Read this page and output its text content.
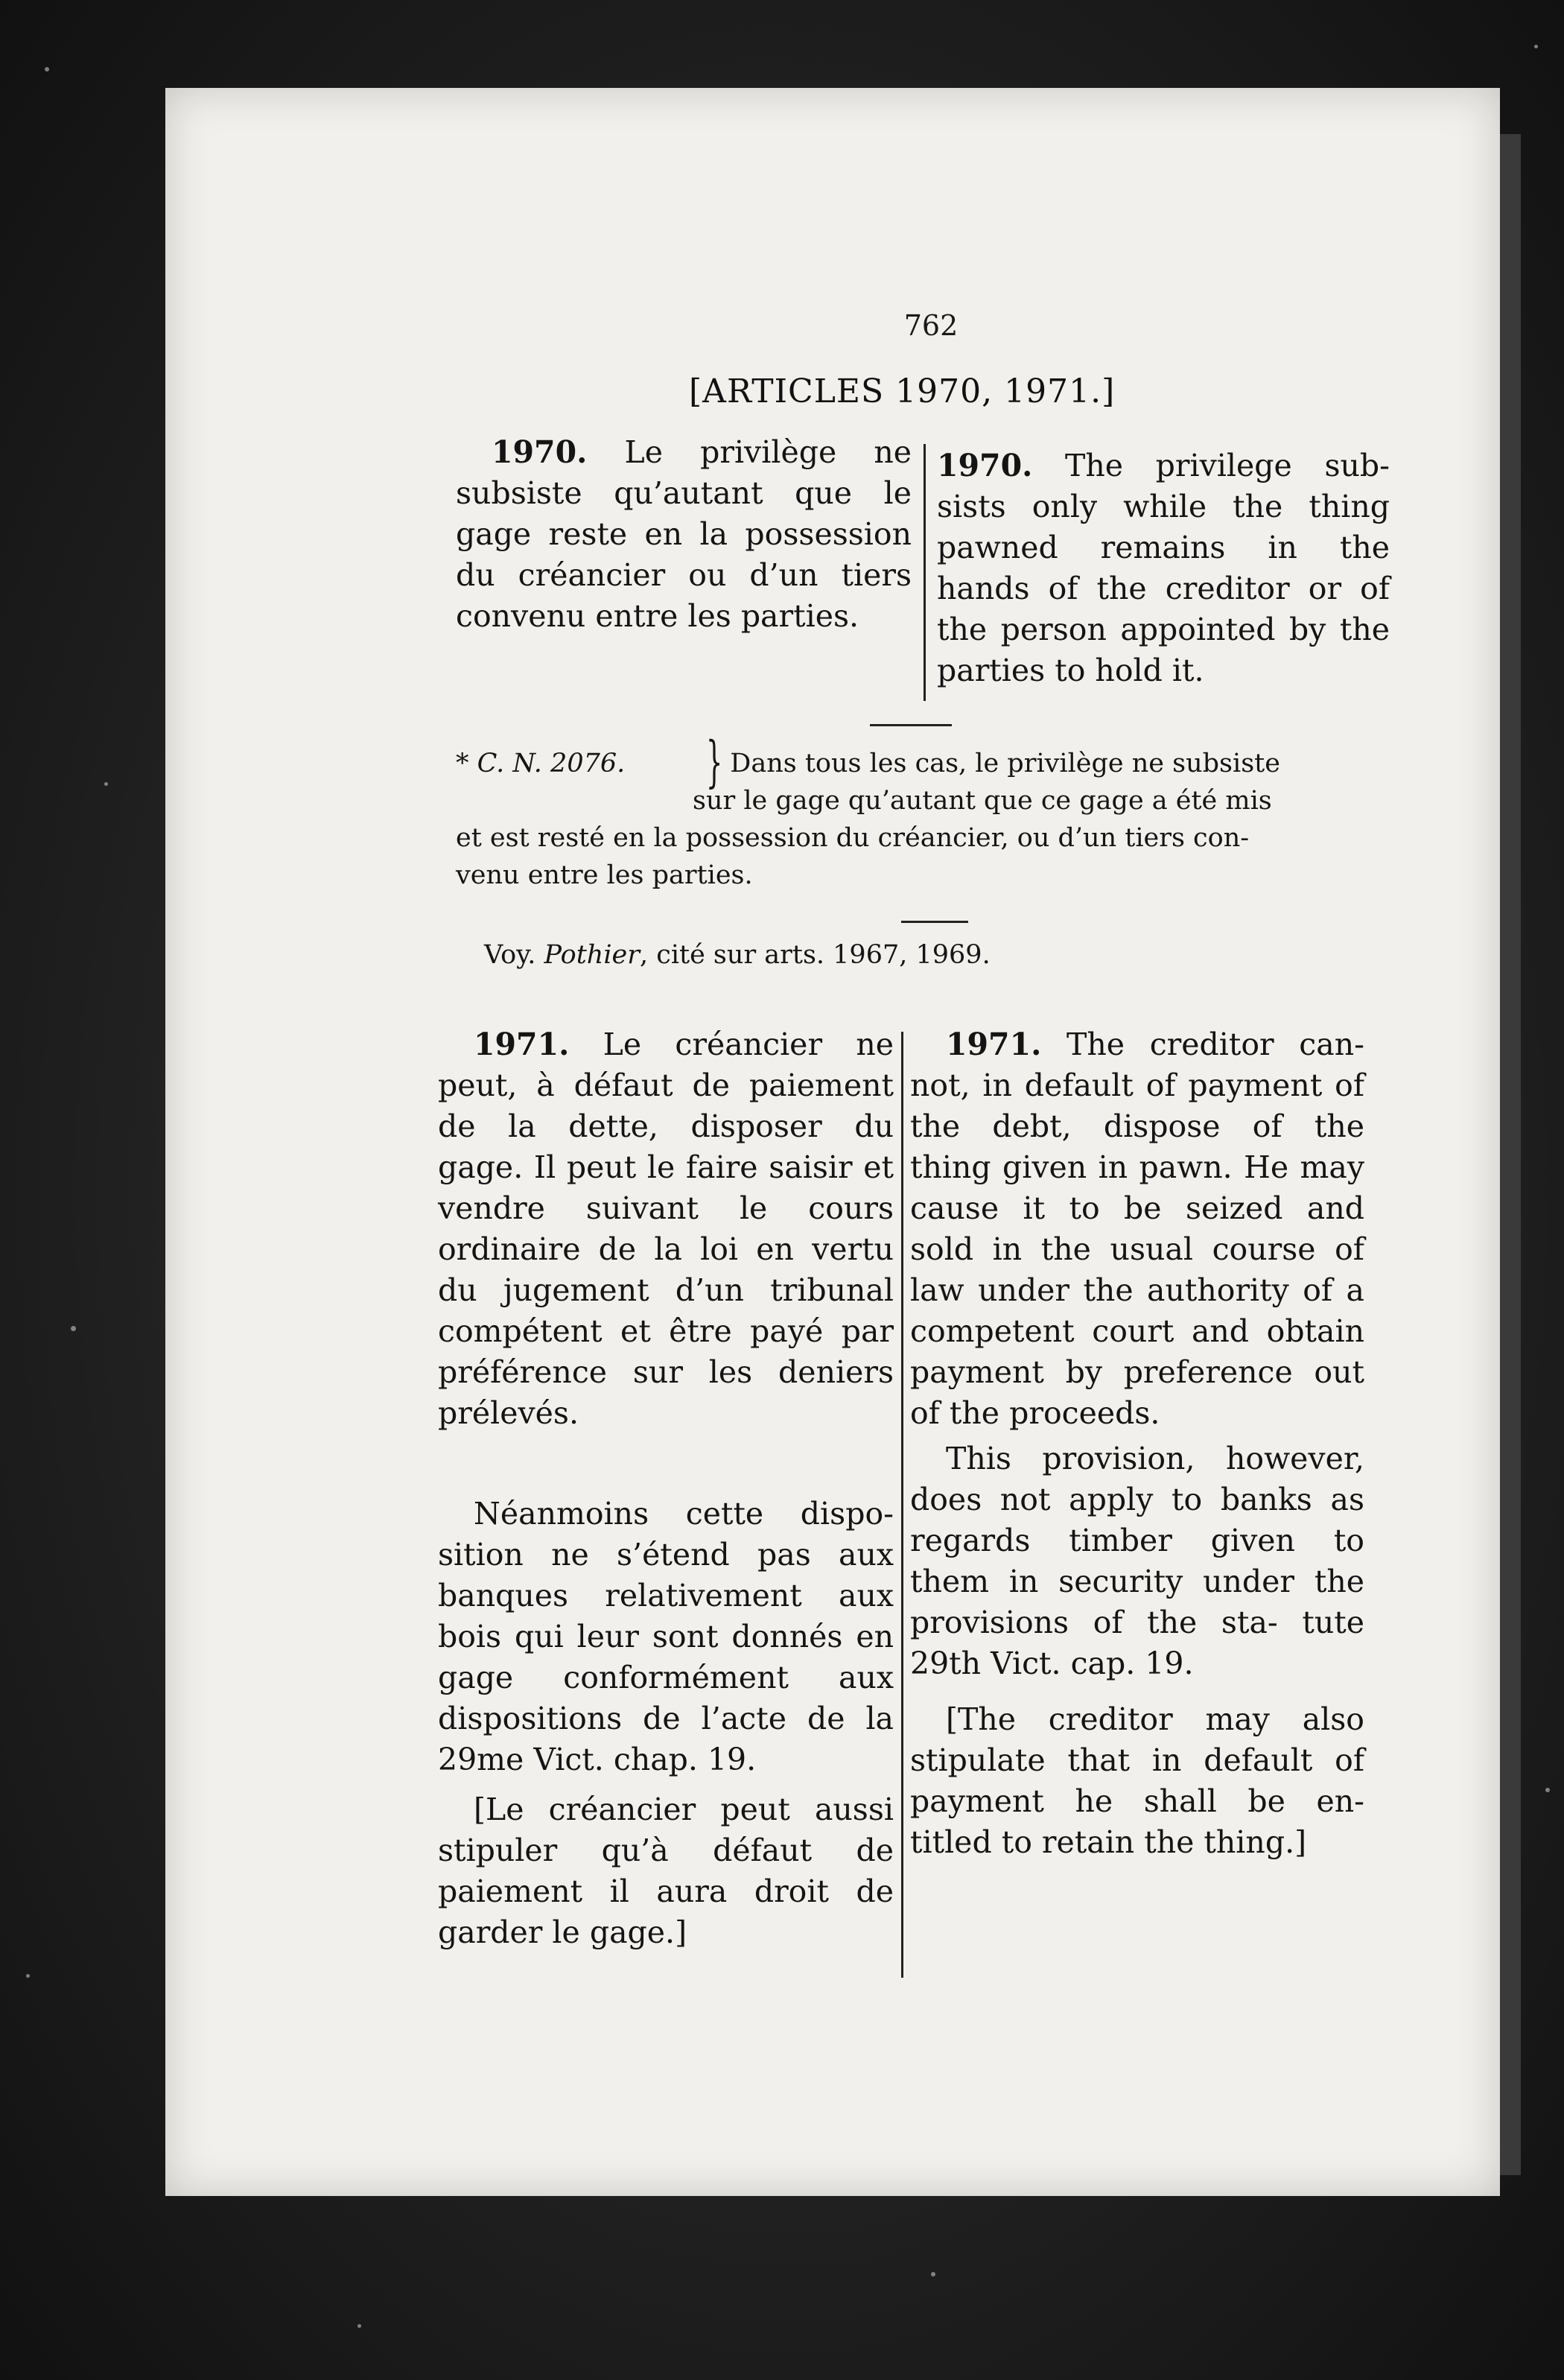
762
[ARTICLES 1970, 1971.]

1970. Le privilège ne subsiste qu’autant que le gage reste en la possession du créancier ou d’un tiers convenu entre les parties.

1970. The privilege sub- sists only while the thing pawned remains in the hands of the creditor or of the person appointed by the parties to hold it.

* C. N. 2076.	} Dans tous les cas, le privilège ne subsiste
sur le gage qu’autant que ce gage a été mis
et est resté en la possession du créancier, ou d’un tiers con-
venu entre les parties.
Voy. Pothier, cité sur arts. 1967, 1969.

1971. Le créancier ne peut, à défaut de paiement de la dette, disposer du gage. Il peut le faire saisir et vendre suivant le cours ordinaire de la loi en vertu du jugement d’un tribunal compétent et être payé par préférence sur les deniers prélevés.

Néanmoins cette dispo- sition ne s’étend pas aux banques relativement aux bois qui leur sont donnés en gage conformément aux dispositions de l’acte de la 29me Vict. chap. 19.

[Le créancier peut aussi stipuler qu’à défaut de paiement il aura droit de garder le gage.]

1971. The creditor can- not, in default of payment of the debt, dispose of the thing given in pawn. He may cause it to be seized and sold in the usual course of law under the authority of a competent court and obtain payment by preference out of the proceeds.

This provision, however, does not apply to banks as regards timber given to them in security under the provisions of the sta- tute 29th Vict. cap. 19.

[The creditor may also stipulate that in default of payment he shall be en- titled to retain the thing.]
